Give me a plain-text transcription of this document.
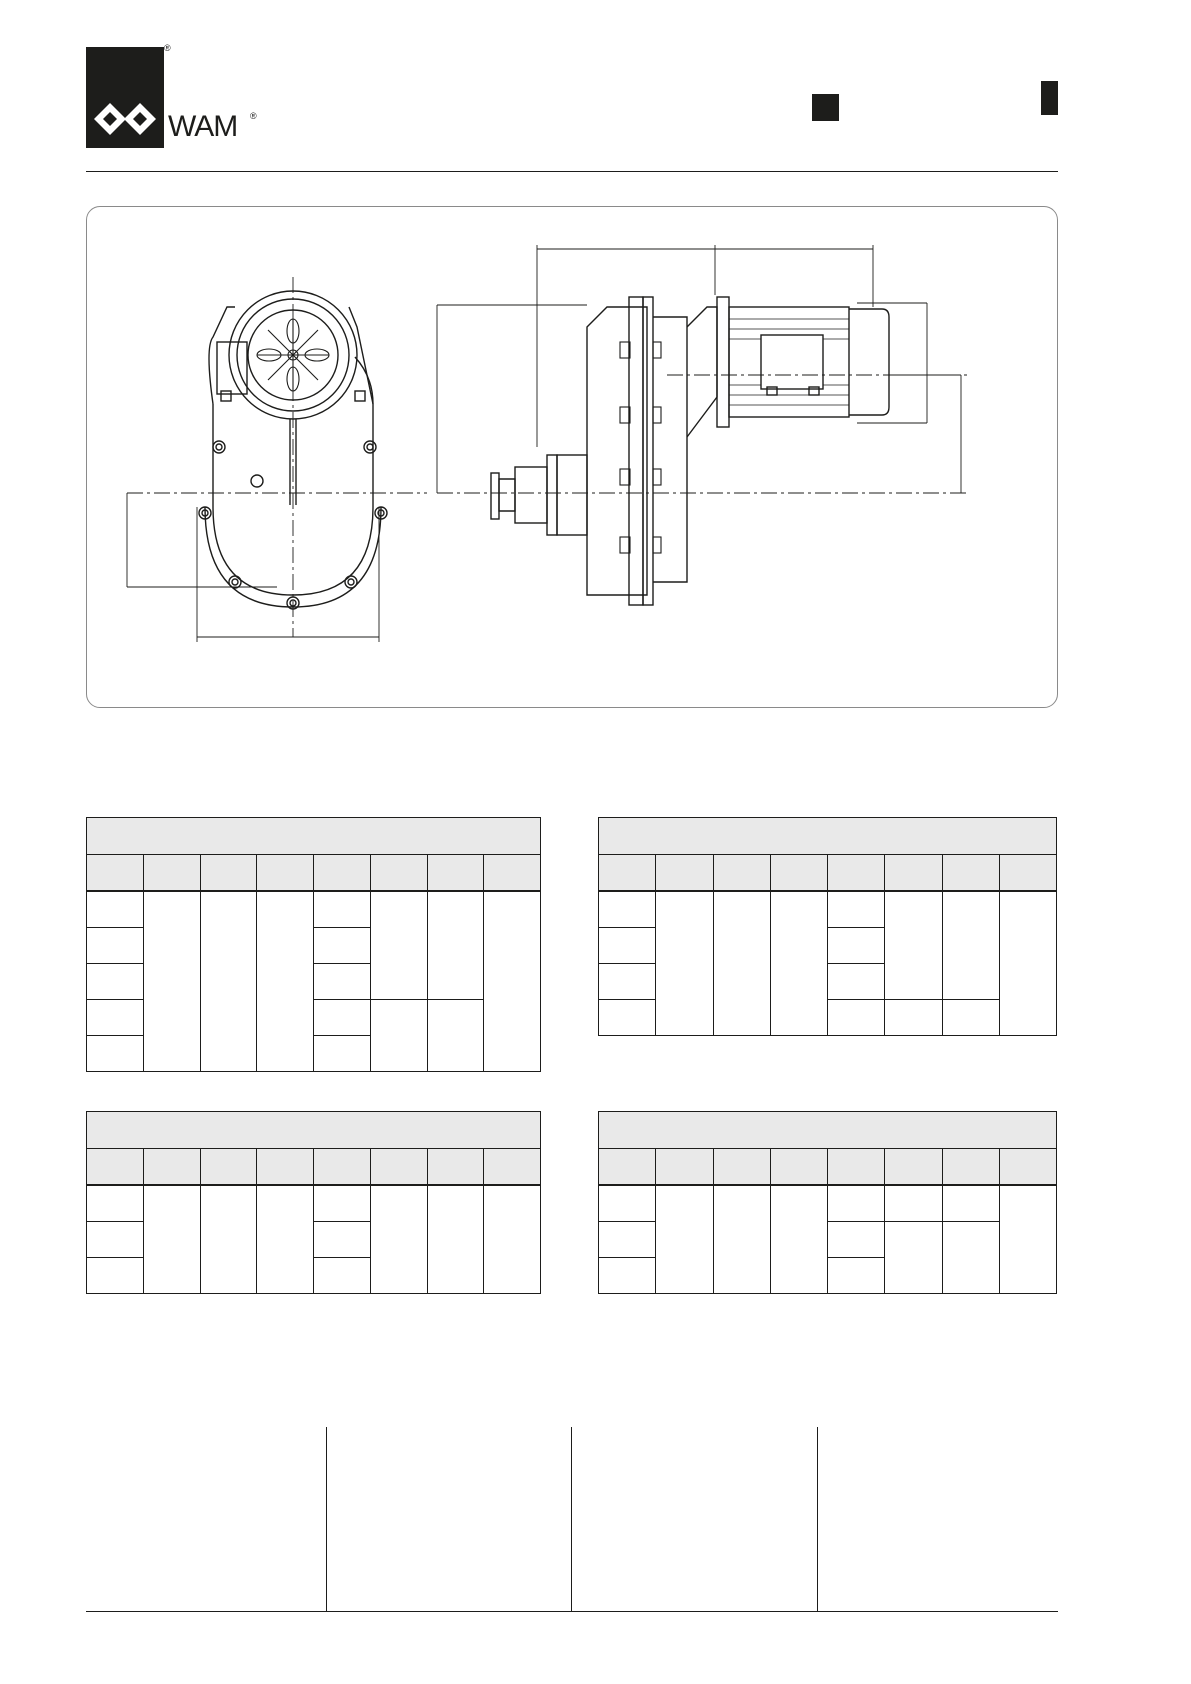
®
WAM ®
